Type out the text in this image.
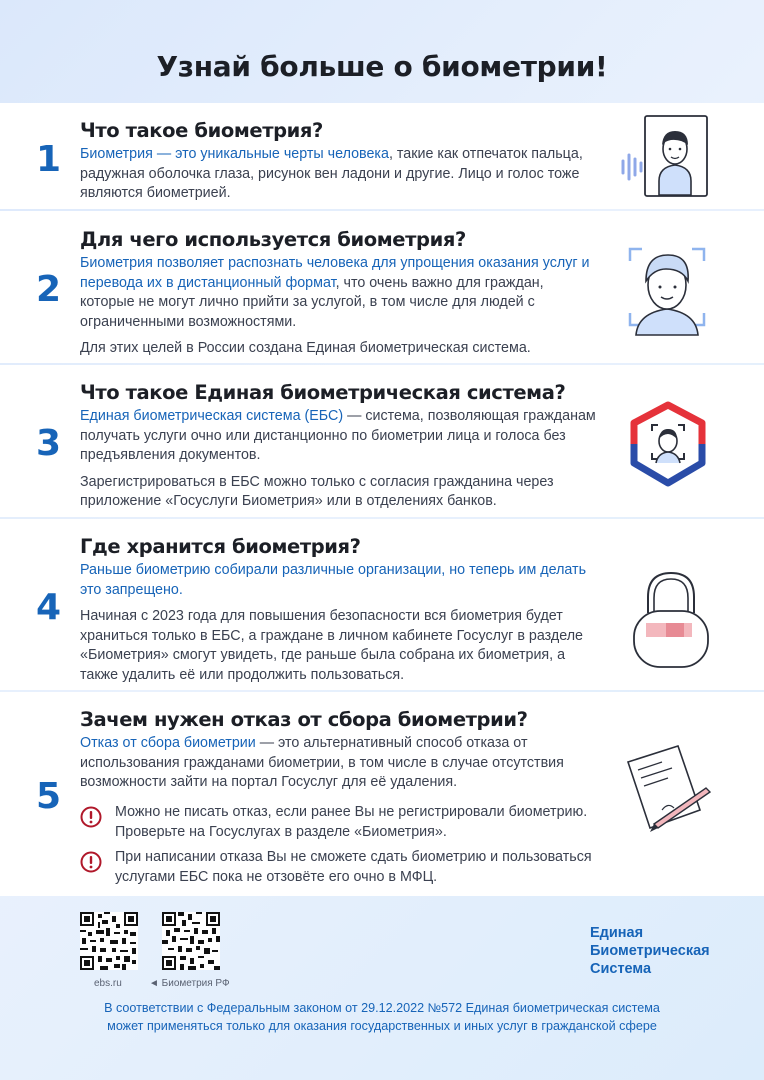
Узнай больше о биометрии!
1
Что такое биометрия?

Биометрия — это уникальные черты человека, такие как отпечаток пальца, радужная оболочка глаза, рисунок вен ладони и другие. Лицо и голос тоже являются биометрией.

2
Для чего используется биометрия?

Биометрия позволяет распознать человека для упрощения оказания услуг и перевода их в дистанционный формат, что очень важно для граждан, которые не могут лично прийти за услугой, в том числе для людей с ограниченными возможностями.

Для этих целей в России создана Единая биометрическая система.

3
Что такое Единая биометрическая система?

Единая биометрическая система (ЕБС) — система, позволяющая гражданам получать услуги очно или дистанционно по биометрии лица и голоса без предъявления документов.

Зарегистрироваться в ЕБС можно только с согласия гражданина через приложение «Госуслуги Биометрия» или в отделениях банков.

4
Где хранится биометрия?

Раньше биометрию собирали различные организации, но теперь им делать это запрещено.

Начиная с 2023 года для повышения безопасности вся биометрия будет храниться только в ЕБС, а граждане в личном кабинете Госуслуг в разделе «Биометрия» смогут увидеть, где раньше была собрана их биометрия, а также удалить её или продолжить пользоваться.

5
Зачем нужен отказ от сбора биометрии?

Отказ от сбора биометрии — это альтернативный способ отказа от использования гражданами биометрии, в том числе в случае отсутствия возможности зайти на портал Госуслуг для её удаления.

Можно не писать отказ, если ранее Вы не регистрировали биометрию. Проверьте на Госуслугах в разделе «Биометрия».
При написании отказа Вы не сможете сдать биометрию и пользоваться услугами ЕБС пока не отзовёте его очно в МФЦ.
ebs.ru	◄ Биометрия РФ
Единая
Биометрическая
Система
В соответствии с Федеральным законом от 29.12.2022 №572 Единая биометрическая система
может применяться только для оказания государственных и иных услуг в гражданской сфере
